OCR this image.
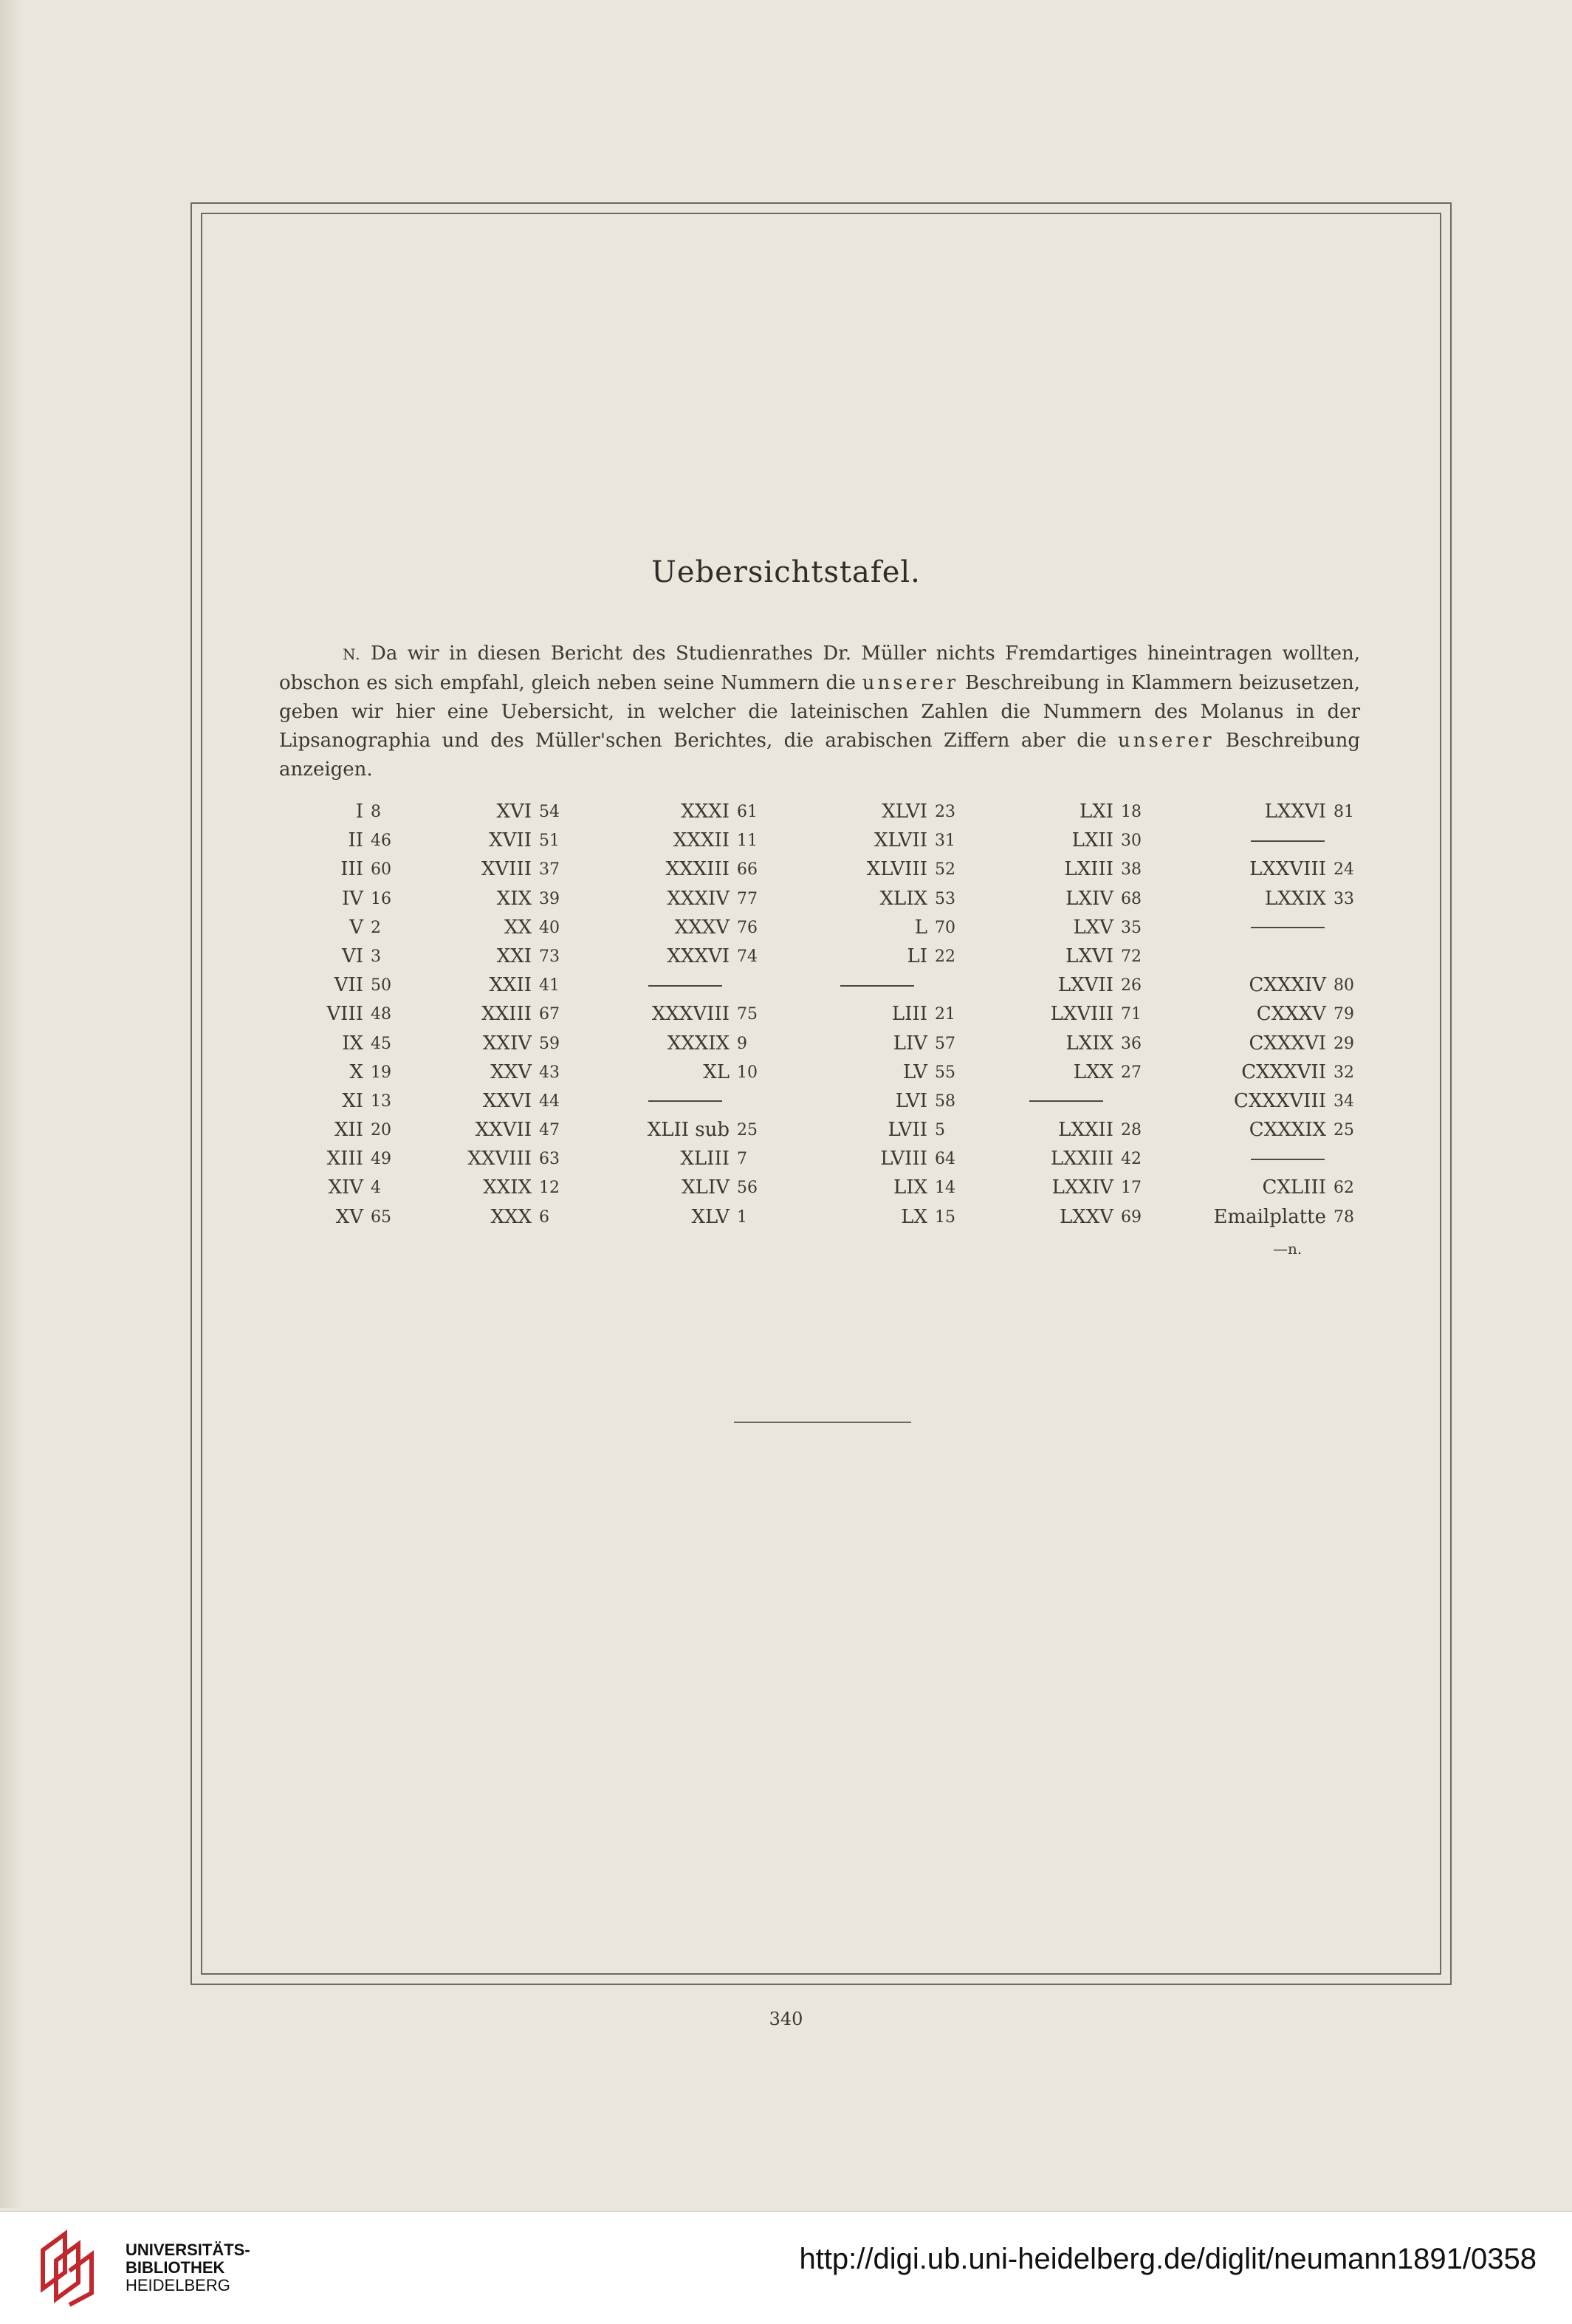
Uebersichtstafel.
N. Da wir in diesen Bericht des Studienrathes Dr. Müller nichts Fremdartiges hineintragen wollten, obschon es sich empfahl, gleich neben seine Nummern die unserer Beschreibung in Klammern beizusetzen, geben wir hier eine Uebersicht, in welcher die lateinischen Zahlen die Nummern des Molanus in der Lipsanographia und des Müller'schen Berichtes, die arabischen Ziffern aber die unserer Beschreibung anzeigen.
I 8
II 46
III 60
IV 16
V 2
VI 3
VII 50
VIII 48
IX 45
X 19
XI 13
XII 20
XIII 49
XIV 4
XV 65
XVI 54
XVII 51
XVIII 37
XIX 39
XX 40
XXI 73
XXII 41
XXIII 67
XXIV 59
XXV 43
XXVI 44
XXVII 47
XXVIII 63
XXIX 12
XXX 6
XXXI 61
XXXII 11
XXXIII 66
XXXIV 77
XXXV 76
XXXVI 74
XXXVIII 75
XXXIX 9
XL 10
XLII sub 25
XLIII 7
XLIV 56
XLV 1
XLVI 23
XLVII 31
XLVIII 52
XLIX 53
L 70
LI 22
LIII 21
LIV 57
LV 55
LVI 58
LVII 5
LVIII 64
LIX 14
LX 15
LXI 18
LXII 30
LXIII 38
LXIV 68
LXV 35
LXVI 72
LXVII 26
LXVIII 71
LXIX 36
LXX 27
LXXII 28
LXXIII 42
LXXIV 17
LXXV 69
LXXVI 81
LXXVIII 24
LXXIX 33
CXXXIV 80
CXXXV 79
CXXXVI 29
CXXXVII 32
CXXXVIII 34
CXXXIX 25
CXLIII 62
Emailplatte 78
—n.
340
UNIVERSITÄTS-
BIBLIOTHEK
HEIDELBERG
http://digi.ub.uni-heidelberg.de/diglit/neumann1891/0358
